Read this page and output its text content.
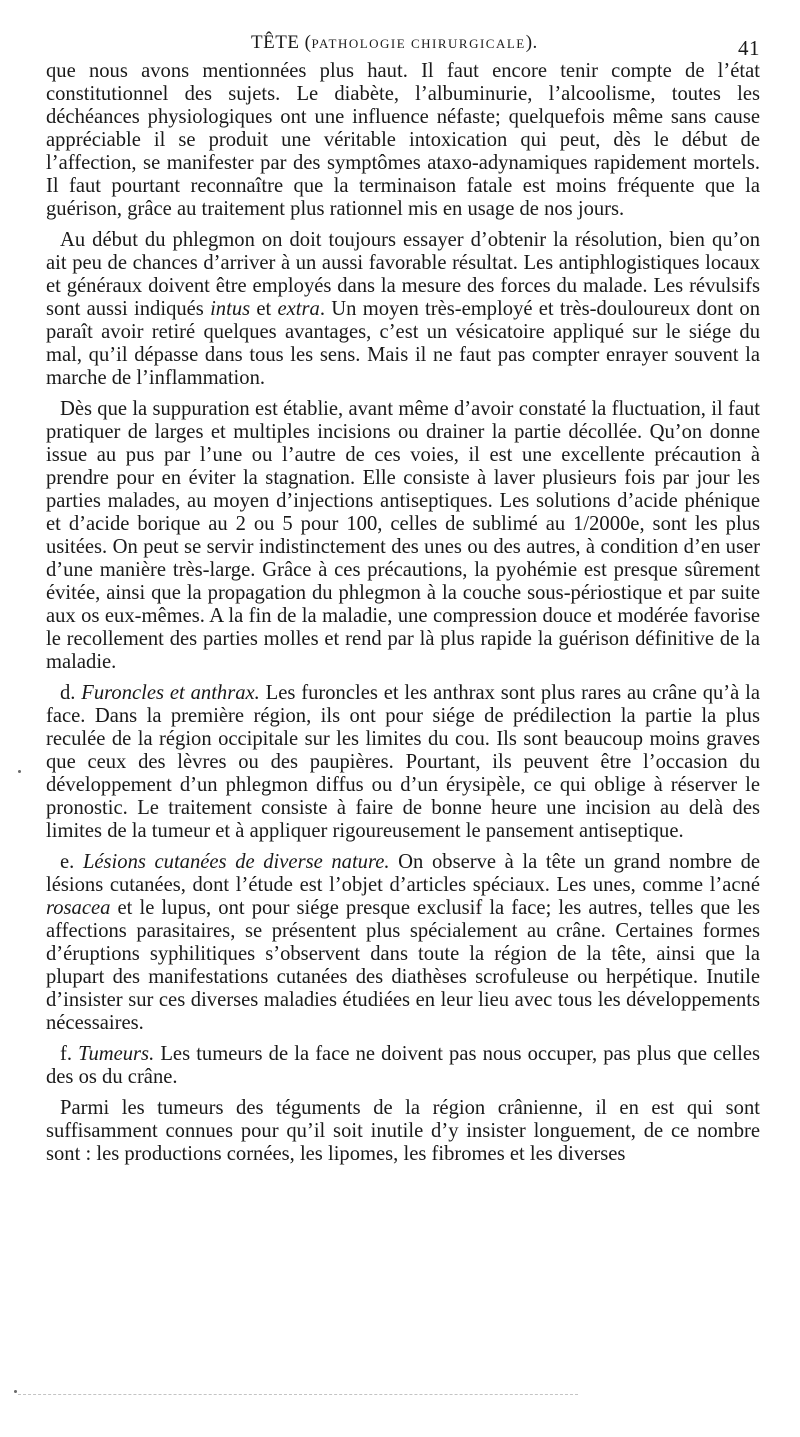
TÊTE (PATHOLOGIE CHIRURGICALE).	41

que nous avons mentionnées plus haut. Il faut encore tenir compte de l’état constitutionnel des sujets. Le diabète, l’albuminurie, l’alcoolisme, toutes les déchéances physiologiques ont une influence néfaste; quelquefois même sans cause appréciable il se produit une véritable intoxication qui peut, dès le début de l’affection, se manifester par des symptômes ataxo-adynamiques rapidement mortels. Il faut pourtant reconnaître que la terminaison fatale est moins fréquente que la guérison, grâce au traitement plus rationnel mis en usage de nos jours.

Au début du phlegmon on doit toujours essayer d’obtenir la résolution, bien qu’on ait peu de chances d’arriver à un aussi favorable résultat. Les antiphlogistiques locaux et généraux doivent être employés dans la mesure des forces du malade. Les révulsifs sont aussi indiqués intus et extra. Un moyen très-employé et très-douloureux dont on paraît avoir retiré quelques avantages, c’est un vésicatoire appliqué sur le siége du mal, qu’il dépasse dans tous les sens. Mais il ne faut pas compter enrayer souvent la marche de l’inflammation.

Dès que la suppuration est établie, avant même d’avoir constaté la fluctuation, il faut pratiquer de larges et multiples incisions ou drainer la partie décollée. Qu’on donne issue au pus par l’une ou l’autre de ces voies, il est une excellente précaution à prendre pour en éviter la stagnation. Elle consiste à laver plusieurs fois par jour les parties malades, au moyen d’injections antiseptiques. Les solutions d’acide phénique et d’acide borique au 2 ou 5 pour 100, celles de sublimé au 1/2000e, sont les plus usitées. On peut se servir indistinctement des unes ou des autres, à condition d’en user d’une manière très-large. Grâce à ces précautions, la pyohémie est presque sûrement évitée, ainsi que la propagation du phlegmon à la couche sous-périostique et par suite aux os eux-mêmes. A la fin de la maladie, une compression douce et modérée favorise le recollement des parties molles et rend par là plus rapide la guérison définitive de la maladie.

d. Furoncles et anthrax. Les furoncles et les anthrax sont plus rares au crâne qu’à la face. Dans la première région, ils ont pour siége de prédilection la partie la plus reculée de la région occipitale sur les limites du cou. Ils sont beaucoup moins graves que ceux des lèvres ou des paupières. Pourtant, ils peuvent être l’occasion du développement d’un phlegmon diffus ou d’un érysipèle, ce qui oblige à réserver le pronostic. Le traitement consiste à faire de bonne heure une incision au delà des limites de la tumeur et à appliquer rigoureusement le pansement antiseptique.

e. Lésions cutanées de diverse nature. On observe à la tête un grand nombre de lésions cutanées, dont l’étude est l’objet d’articles spéciaux. Les unes, comme l’acné rosacea et le lupus, ont pour siége presque exclusif la face; les autres, telles que les affections parasitaires, se présentent plus spécialement au crâne. Certaines formes d’éruptions syphilitiques s’observent dans toute la région de la tête, ainsi que la plupart des manifestations cutanées des diathèses scrofuleuse ou herpétique. Inutile d’insister sur ces diverses maladies étudiées en leur lieu avec tous les développements nécessaires.

f. Tumeurs. Les tumeurs de la face ne doivent pas nous occuper, pas plus que celles des os du crâne.

Parmi les tumeurs des téguments de la région crânienne, il en est qui sont suffisamment connues pour qu’il soit inutile d’y insister longuement, de ce nombre sont : les productions cornées, les lipomes, les fibromes et les diverses
